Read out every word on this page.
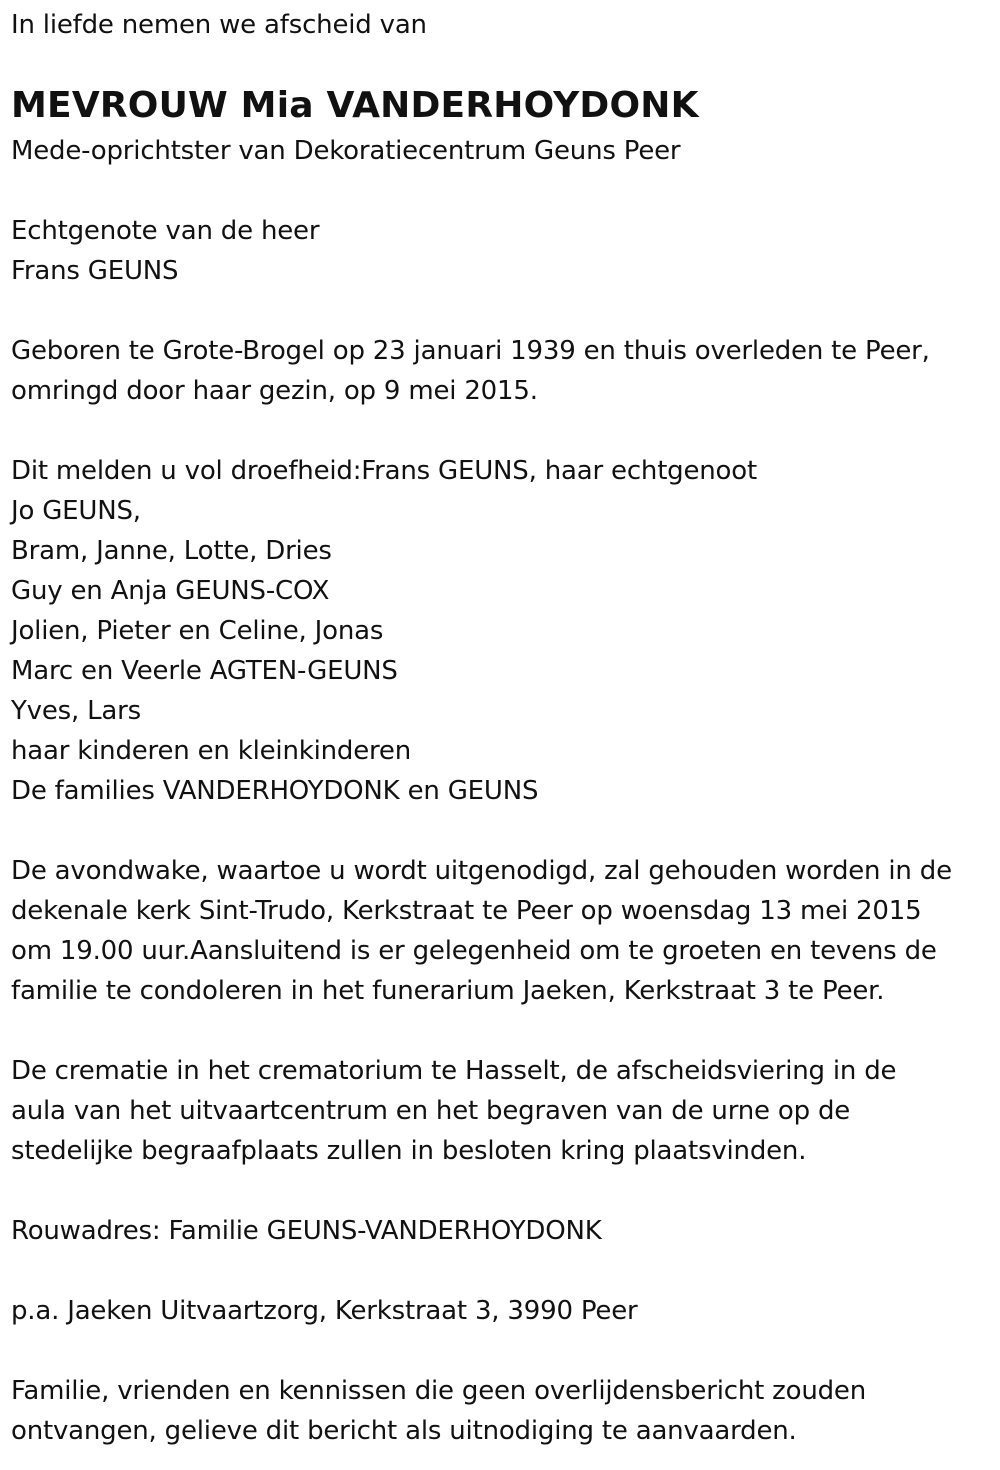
In liefde nemen we afscheid van
MEVROUW Mia VANDERHOYDONK
Mede-oprichtster van Dekoratiecentrum Geuns Peer
Echtgenote van de heer
Frans GEUNS
Geboren te Grote-Brogel op 23 januari 1939 en thuis overleden te Peer,
omringd door haar gezin, op 9 mei 2015.
Dit melden u vol droefheid:Frans GEUNS, haar echtgenoot
Jo GEUNS,
Bram, Janne, Lotte, Dries
Guy en Anja GEUNS-COX
Jolien, Pieter en Celine, Jonas
Marc en Veerle AGTEN-GEUNS
Yves, Lars
haar kinderen en kleinkinderen
De families VANDERHOYDONK en GEUNS
De avondwake, waartoe u wordt uitgenodigd, zal gehouden worden in de
dekenale kerk Sint-Trudo, Kerkstraat te Peer op woensdag 13 mei 2015
om 19.00 uur.Aansluitend is er gelegenheid om te groeten en tevens de
familie te condoleren in het funerarium Jaeken, Kerkstraat 3 te Peer.
De crematie in het crematorium te Hasselt, de afscheidsviering in de
aula van het uitvaartcentrum en het begraven van de urne op de
stedelijke begraafplaats zullen in besloten kring plaatsvinden.
Rouwadres: Familie GEUNS-VANDERHOYDONK
p.a. Jaeken Uitvaartzorg, Kerkstraat 3, 3990 Peer
Familie, vrienden en kennissen die geen overlijdensbericht zouden
ontvangen, gelieve dit bericht als uitnodiging te aanvaarden.
